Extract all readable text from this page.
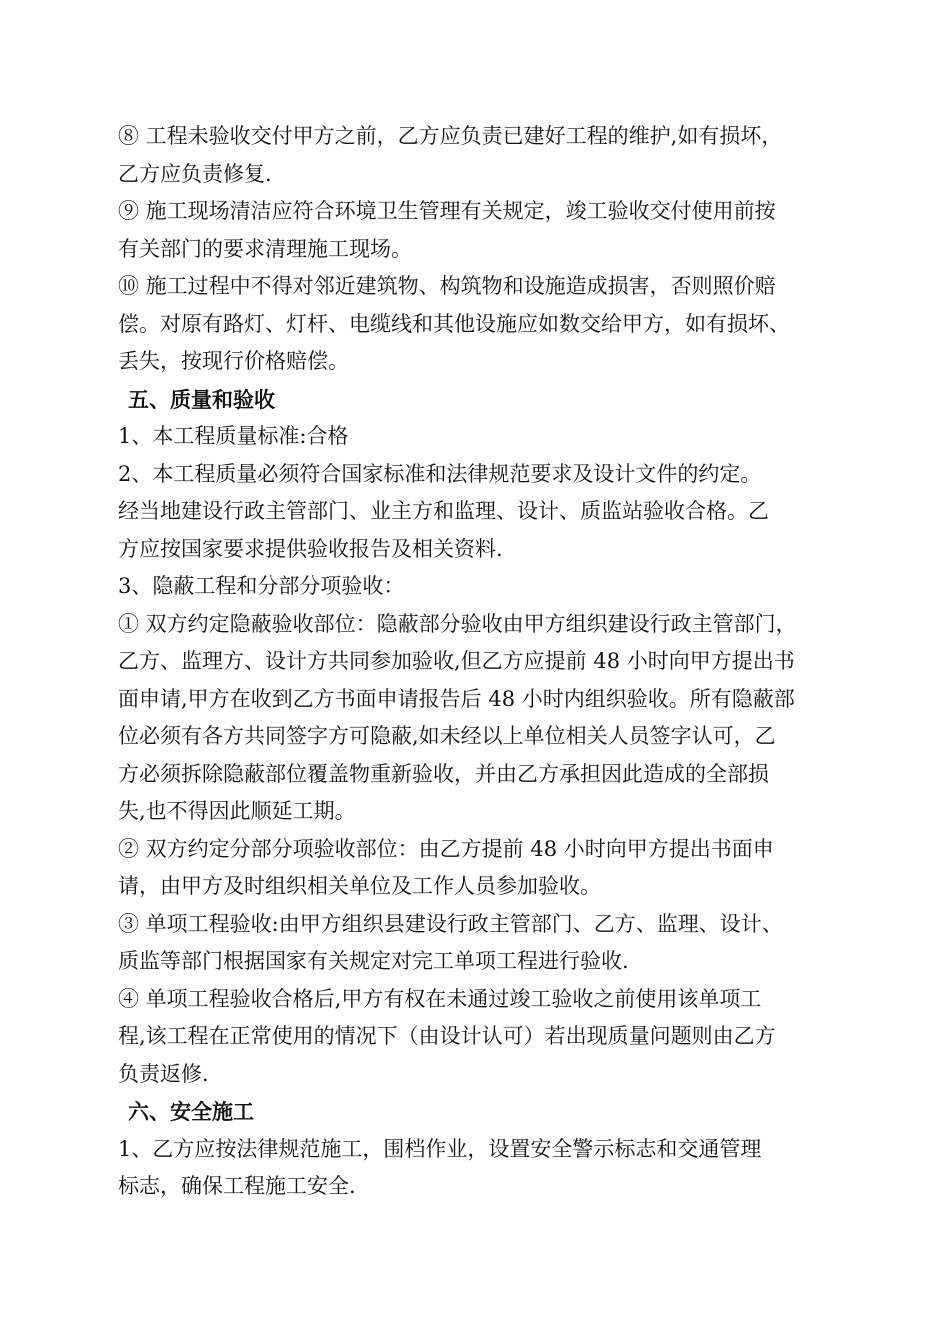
⑧ 工程未验收交付甲方之前，乙方应负责已建好工程的维护,如有损坏，
乙方应负责修复.
⑨ 施工现场清洁应符合环境卫生管理有关规定，竣工验收交付使用前按
有关部门的要求清理施工现场。
⑩ 施工过程中不得对邻近建筑物、构筑物和设施造成损害，否则照价赔
偿。对原有路灯、灯杆、电缆线和其他设施应如数交给甲方，如有损坏、
丢失，按现行价格赔偿。
五、质量和验收
1、本工程质量标准:合格
2、本工程质量必须符合国家标准和法律规范要求及设计文件的约定。
经当地建设行政主管部门、业主方和监理、设计、质监站验收合格。乙
方应按国家要求提供验收报告及相关资料.
3、隐蔽工程和分部分项验收：
① 双方约定隐蔽验收部位：隐蔽部分验收由甲方组织建设行政主管部门，
乙方、监理方、设计方共同参加验收,但乙方应提前 48 小时向甲方提出书
面申请,甲方在收到乙方书面申请报告后 48 小时内组织验收。所有隐蔽部
位必须有各方共同签字方可隐蔽,如未经以上单位相关人员签字认可，乙
方必须拆除隐蔽部位覆盖物重新验收，并由乙方承担因此造成的全部损
失,也不得因此顺延工期。
② 双方约定分部分项验收部位：由乙方提前 48 小时向甲方提出书面申
请，由甲方及时组织相关单位及工作人员参加验收。
③ 单项工程验收:由甲方组织县建设行政主管部门、乙方、监理、设计、
质监等部门根据国家有关规定对完工单项工程进行验收.
④ 单项工程验收合格后,甲方有权在未通过竣工验收之前使用该单项工
程,该工程在正常使用的情况下（由设计认可）若出现质量问题则由乙方
负责返修.
六、安全施工
1、乙方应按法律规范施工，围档作业，设置安全警示标志和交通管理
标志，确保工程施工安全.
